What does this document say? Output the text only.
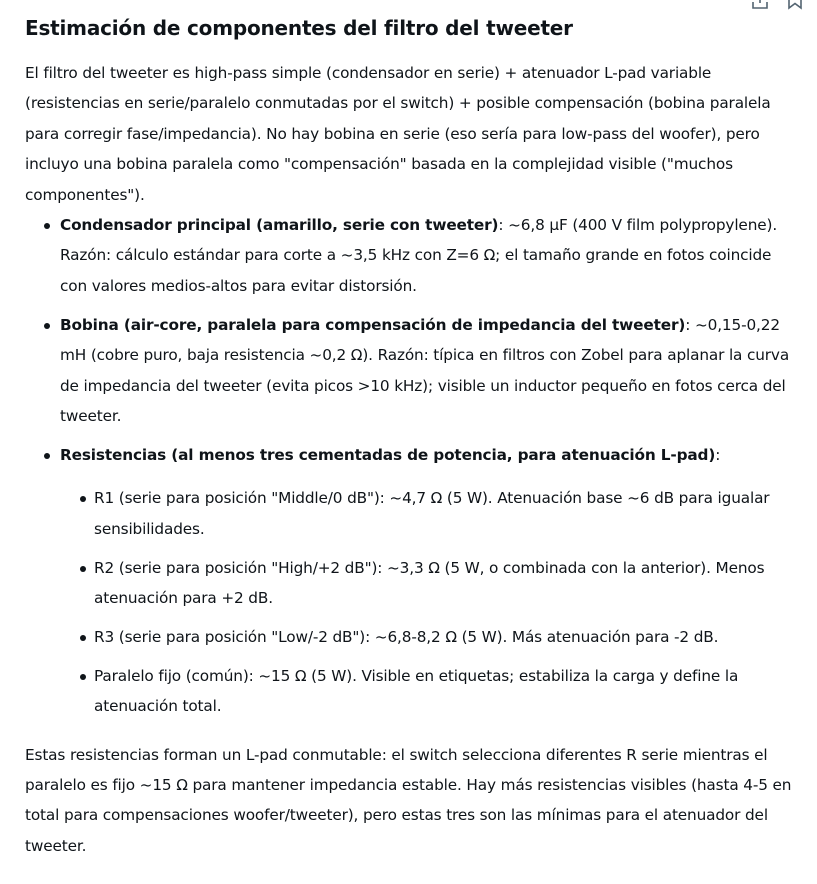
Estimación de componentes del filtro del tweeter

El filtro del tweeter es high-pass simple (condensador en serie) + atenuador L-pad variable (resistencias en serie/paralelo conmutadas por el switch) + posible compensación (bobina paralela para corregir fase/impedancia). No hay bobina en serie (eso sería para low-pass del woofer), pero incluyo una bobina paralela como "compensación" basada en la complejidad visible ("muchos componentes").

Condensador principal (amarillo, serie con tweeter): ~6,8 μF (400 V film polypropylene). Razón: cálculo estándar para corte a ~3,5 kHz con Z=6 Ω; el tamaño grande en fotos coincide con valores medios-altos para evitar distorsión.
Bobina (air-core, paralela para compensación de impedancia del tweeter): ~0,15-0,22 mH (cobre puro, baja resistencia ~0,2 Ω). Razón: típica en filtros con Zobel para aplanar la curva de impedancia del tweeter (evita picos >10 kHz); visible un inductor pequeño en fotos cerca del tweeter.
Resistencias (al menos tres cementadas de potencia, para atenuación L-pad):
R1 (serie para posición "Middle/0 dB"): ~4,7 Ω (5 W). Atenuación base ~6 dB para igualar sensibilidades.
R2 (serie para posición "High/+2 dB"): ~3,3 Ω (5 W, o combinada con la anterior). Menos atenuación para +2 dB.
R3 (serie para posición "Low/-2 dB"): ~6,8-8,2 Ω (5 W). Más atenuación para -2 dB.
Paralelo fijo (común): ~15 Ω (5 W). Visible en etiquetas; estabiliza la carga y define la atenuación total.

Estas resistencias forman un L-pad conmutable: el switch selecciona diferentes R serie mientras el paralelo es fijo ~15 Ω para mantener impedancia estable. Hay más resistencias visibles (hasta 4-5 en total para compensaciones woofer/tweeter), pero estas tres son las mínimas para el atenuador del tweeter.
